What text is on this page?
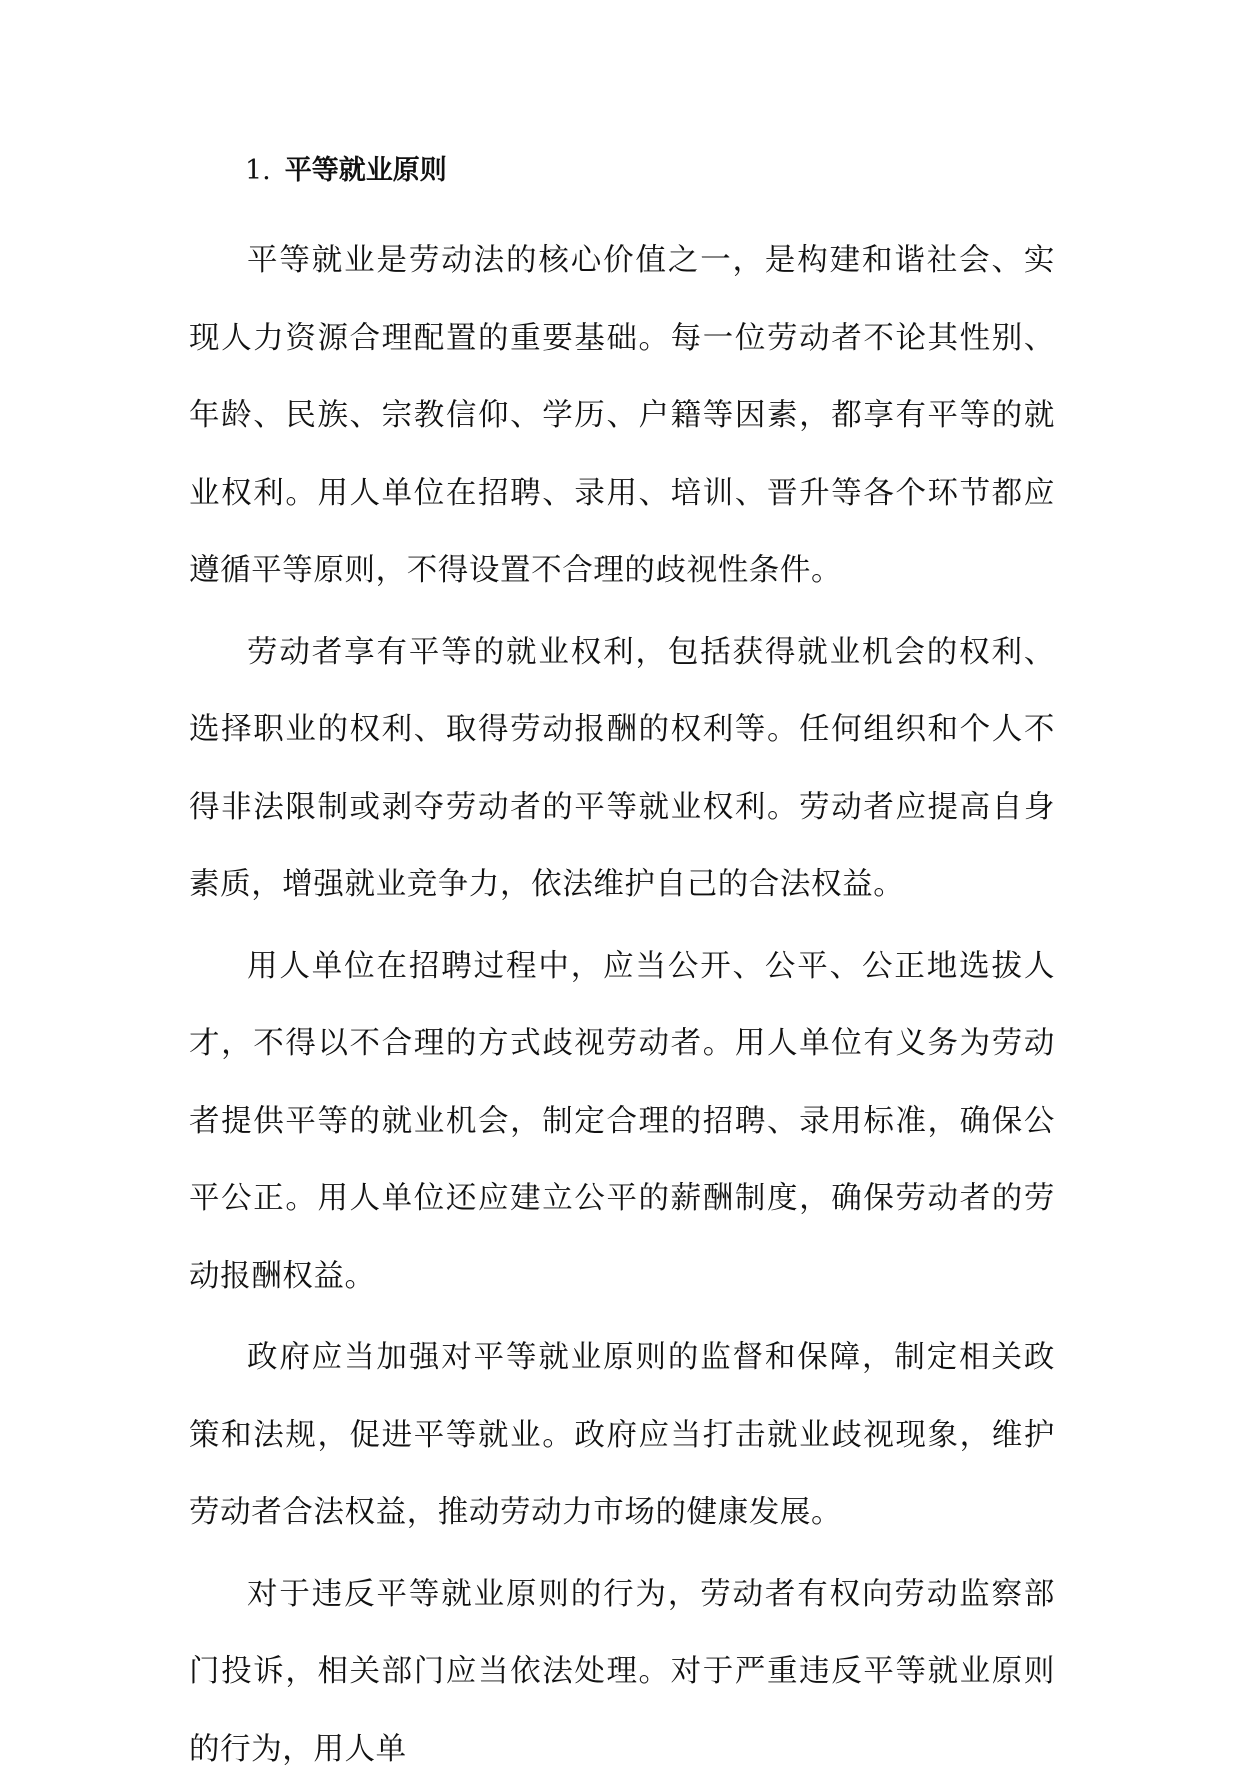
1. 平等就业原则

平等就业是劳动法的核心价值之一，是构建和谐社会、实现人力资源合理配置的重要基础。每一位劳动者不论其性别、年龄、民族、宗教信仰、学历、户籍等因素，都享有平等的就业权利。用人单位在招聘、录用、培训、晋升等各个环节都应遵循平等原则，不得设置不合理的歧视性条件。

劳动者享有平等的就业权利，包括获得就业机会的权利、选择职业的权利、取得劳动报酬的权利等。任何组织和个人不得非法限制或剥夺劳动者的平等就业权利。劳动者应提高自身素质，增强就业竞争力，依法维护自己的合法权益。

用人单位在招聘过程中，应当公开、公平、公正地选拔人才，不得以不合理的方式歧视劳动者。用人单位有义务为劳动者提供平等的就业机会，制定合理的招聘、录用标准，确保公平公正。用人单位还应建立公平的薪酬制度，确保劳动者的劳动报酬权益。

政府应当加强对平等就业原则的监督和保障，制定相关政策和法规，促进平等就业。政府应当打击就业歧视现象，维护劳动者合法权益，推动劳动力市场的健康发展。

对于违反平等就业原则的行为，劳动者有权向劳动监察部门投诉，相关部门应当依法处理。对于严重违反平等就业原则的行为，用人单
